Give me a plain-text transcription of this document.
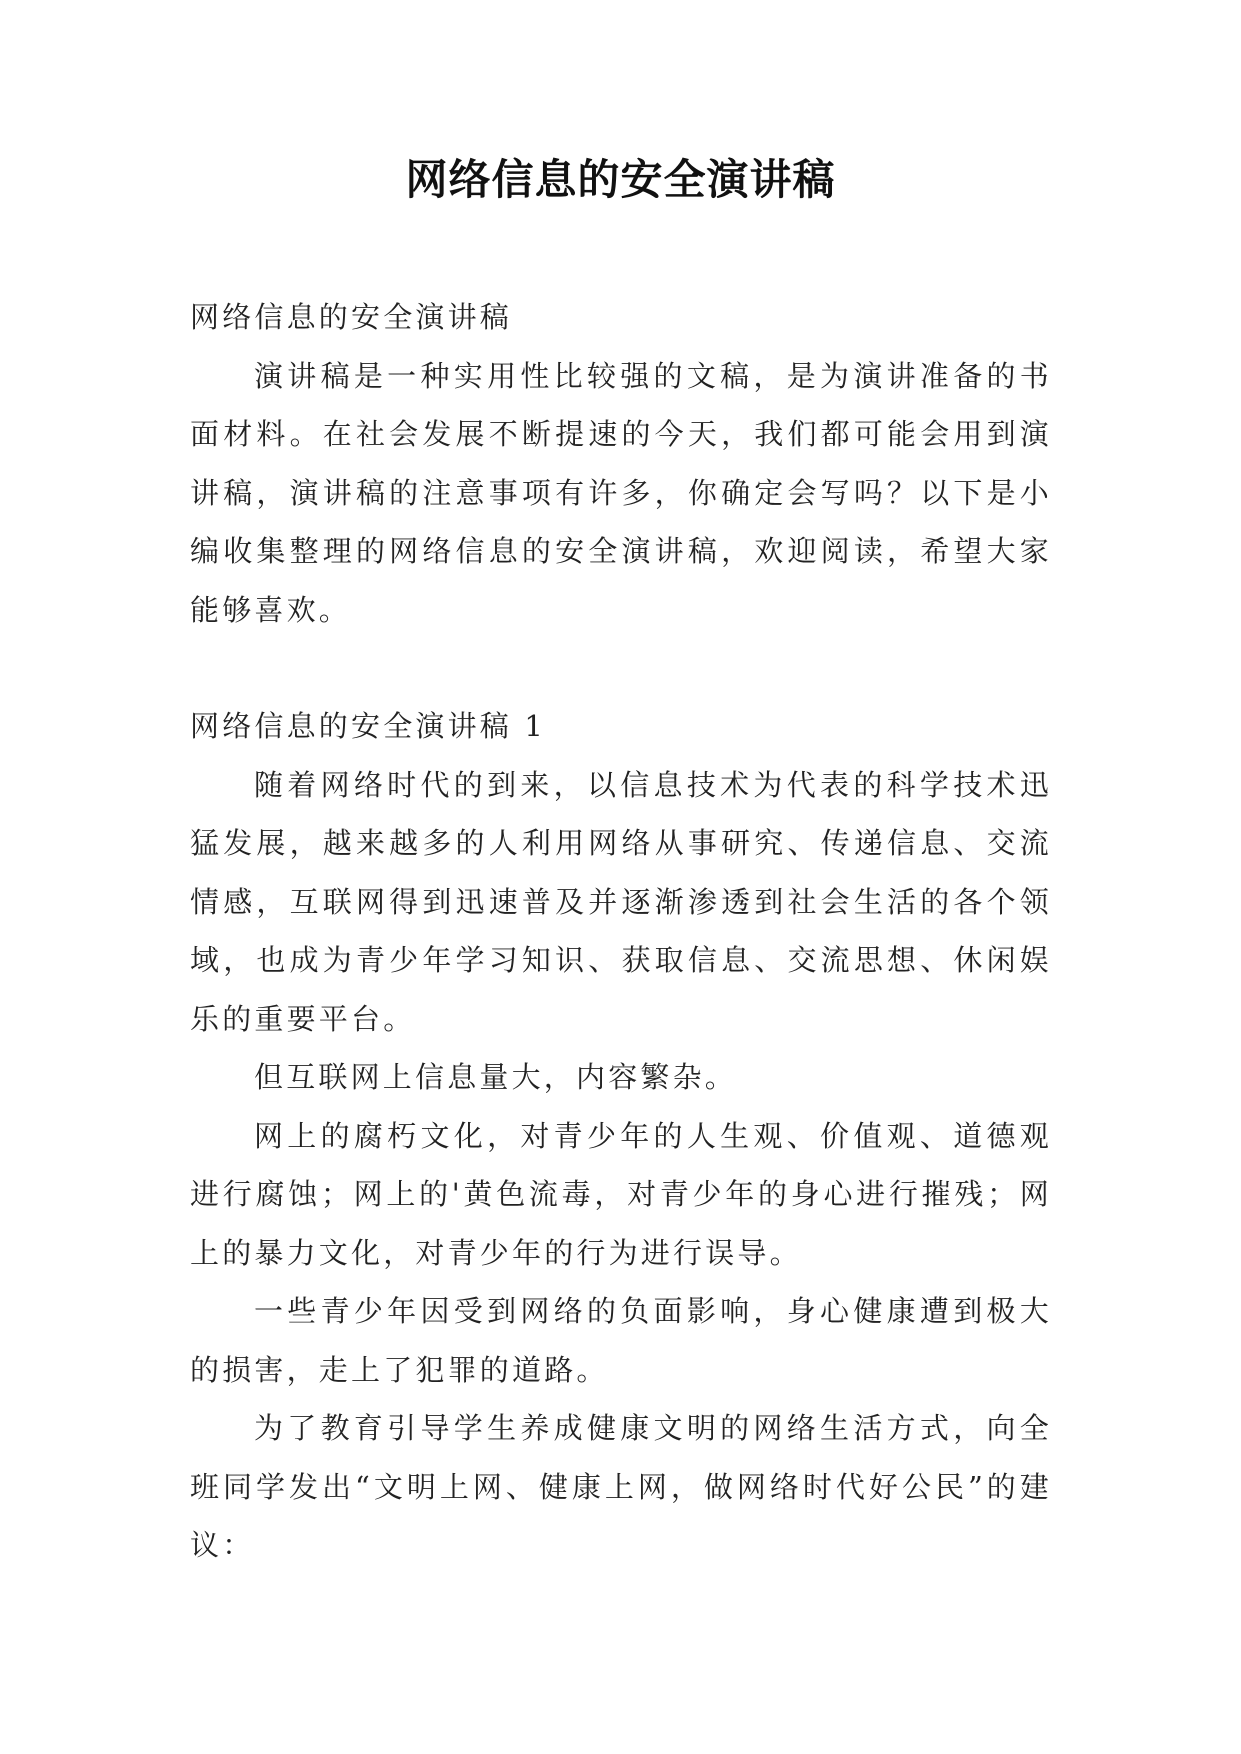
网络信息的安全演讲稿

网络信息的安全演讲稿

演讲稿是一种实用性比较强的文稿，是为演讲准备的书面材料。在社会发展不断提速的今天，我们都可能会用到演讲稿，演讲稿的注意事项有许多，你确定会写吗？以下是小编收集整理的网络信息的安全演讲稿，欢迎阅读，希望大家能够喜欢。

网络信息的安全演讲稿 1

随着网络时代的到来，以信息技术为代表的科学技术迅猛发展，越来越多的人利用网络从事研究、传递信息、交流情感，互联网得到迅速普及并逐渐渗透到社会生活的各个领域，也成为青少年学习知识、获取信息、交流思想、休闲娱乐的重要平台。

但互联网上信息量大，内容繁杂。

网上的腐朽文化，对青少年的人生观、价值观、道德观进行腐蚀；网上的'黄色流毒，对青少年的身心进行摧残；网上的暴力文化，对青少年的行为进行误导。

一些青少年因受到网络的负面影响，身心健康遭到极大的损害，走上了犯罪的道路。

为了教育引导学生养成健康文明的网络生活方式，向全班同学发出“文明上网、健康上网，做网络时代好公民”的建议：
